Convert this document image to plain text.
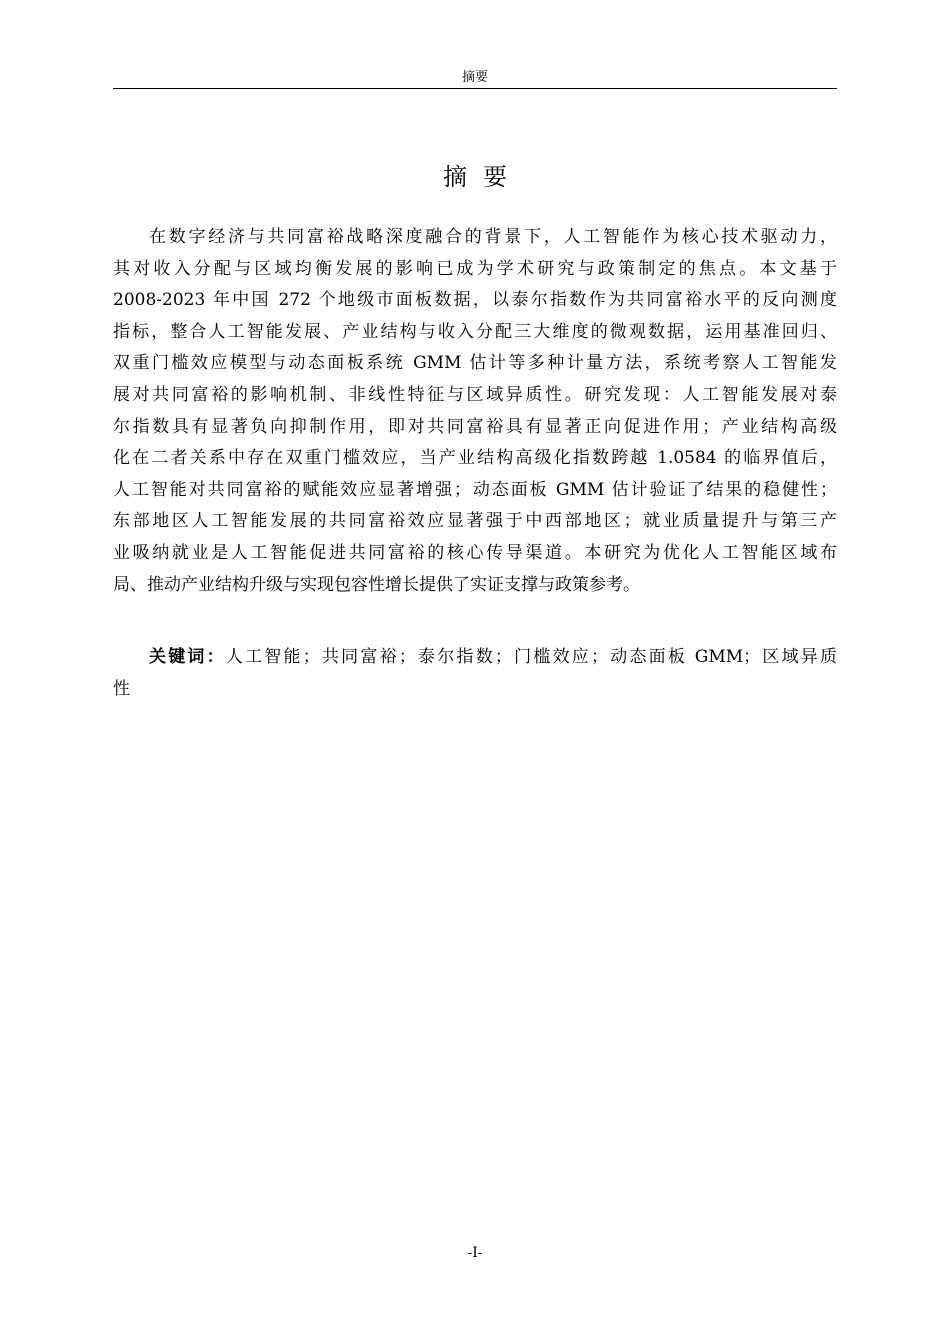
摘要
摘要
在数字经济与共同富裕战略深度融合的背景下，人工智能作为核心技术驱动力，
其对收入分配与区域均衡发展的影响已成为学术研究与政策制定的焦点。本文基于
2008-2023 年中国 272 个地级市面板数据，以泰尔指数作为共同富裕水平的反向测度
指标，整合人工智能发展、产业结构与收入分配三大维度的微观数据，运用基准回归、
双重门槛效应模型与动态面板系统 GMM 估计等多种计量方法，系统考察人工智能发
展对共同富裕的影响机制、非线性特征与区域异质性。研究发现：人工智能发展对泰
尔指数具有显著负向抑制作用，即对共同富裕具有显著正向促进作用；产业结构高级
化在二者关系中存在双重门槛效应，当产业结构高级化指数跨越 1.0584 的临界值后，
人工智能对共同富裕的赋能效应显著增强；动态面板 GMM 估计验证了结果的稳健性；
东部地区人工智能发展的共同富裕效应显著强于中西部地区；就业质量提升与第三产
业吸纳就业是人工智能促进共同富裕的核心传导渠道。本研究为优化人工智能区域布
局、推动产业结构升级与实现包容性增长提供了实证支撑与政策参考。
关键词：人工智能；共同富裕；泰尔指数；门槛效应；动态面板 GMM；区域异质
性
-I-
